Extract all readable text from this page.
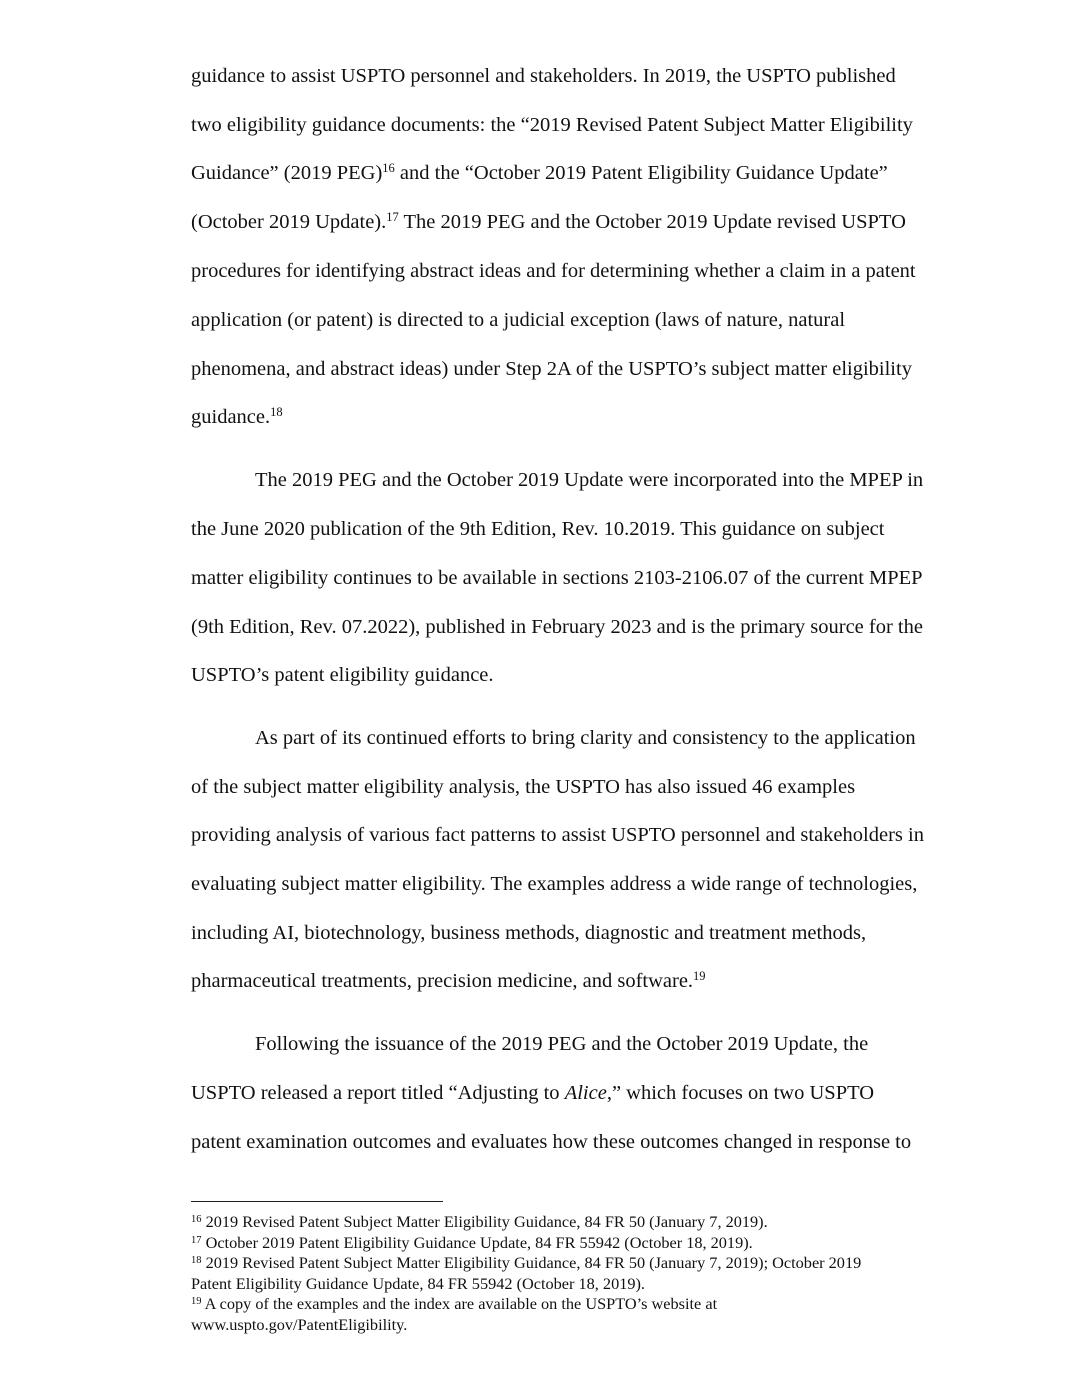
guidance to assist USPTO personnel and stakeholders. In 2019, the USPTO published
two eligibility guidance documents: the “2019 Revised Patent Subject Matter Eligibility
Guidance” (2019 PEG)$^{16}$ and the “October 2019 Patent Eligibility Guidance Update”
(October 2019 Update).$^{17}$ The 2019 PEG and the October 2019 Update revised USPTO
procedures for identifying abstract ideas and for determining whether a claim in a patent
application (or patent) is directed to a judicial exception (laws of nature, natural
phenomena, and abstract ideas) under Step 2A of the USPTO’s subject matter eligibility
guidance.$^{18}$
The 2019 PEG and the October 2019 Update were incorporated into the MPEP in
the June 2020 publication of the 9th Edition, Rev. 10.2019. This guidance on subject
matter eligibility continues to be available in sections 2103-2106.07 of the current MPEP
(9th Edition, Rev. 07.2022), published in February 2023 and is the primary source for the
USPTO’s patent eligibility guidance.
As part of its continued efforts to bring clarity and consistency to the application
of the subject matter eligibility analysis, the USPTO has also issued 46 examples
providing analysis of various fact patterns to assist USPTO personnel and stakeholders in
evaluating subject matter eligibility. The examples address a wide range of technologies,
including AI, biotechnology, business methods, diagnostic and treatment methods,
pharmaceutical treatments, precision medicine, and software.$^{19}$
Following the issuance of the 2019 PEG and the October 2019 Update, the
USPTO released a report titled “Adjusting to Alice,” which focuses on two USPTO
patent examination outcomes and evaluates how these outcomes changed in response to
$^{16}$ 2019 Revised Patent Subject Matter Eligibility Guidance, 84 FR 50 (January 7, 2019).
$^{17}$ October 2019 Patent Eligibility Guidance Update, 84 FR 55942 (October 18, 2019).
$^{18}$ 2019 Revised Patent Subject Matter Eligibility Guidance, 84 FR 50 (January 7, 2019); October 2019
Patent Eligibility Guidance Update, 84 FR 55942 (October 18, 2019).
$^{19}$ A copy of the examples and the index are available on the USPTO’s website at
www.uspto.gov/PatentEligibility.
